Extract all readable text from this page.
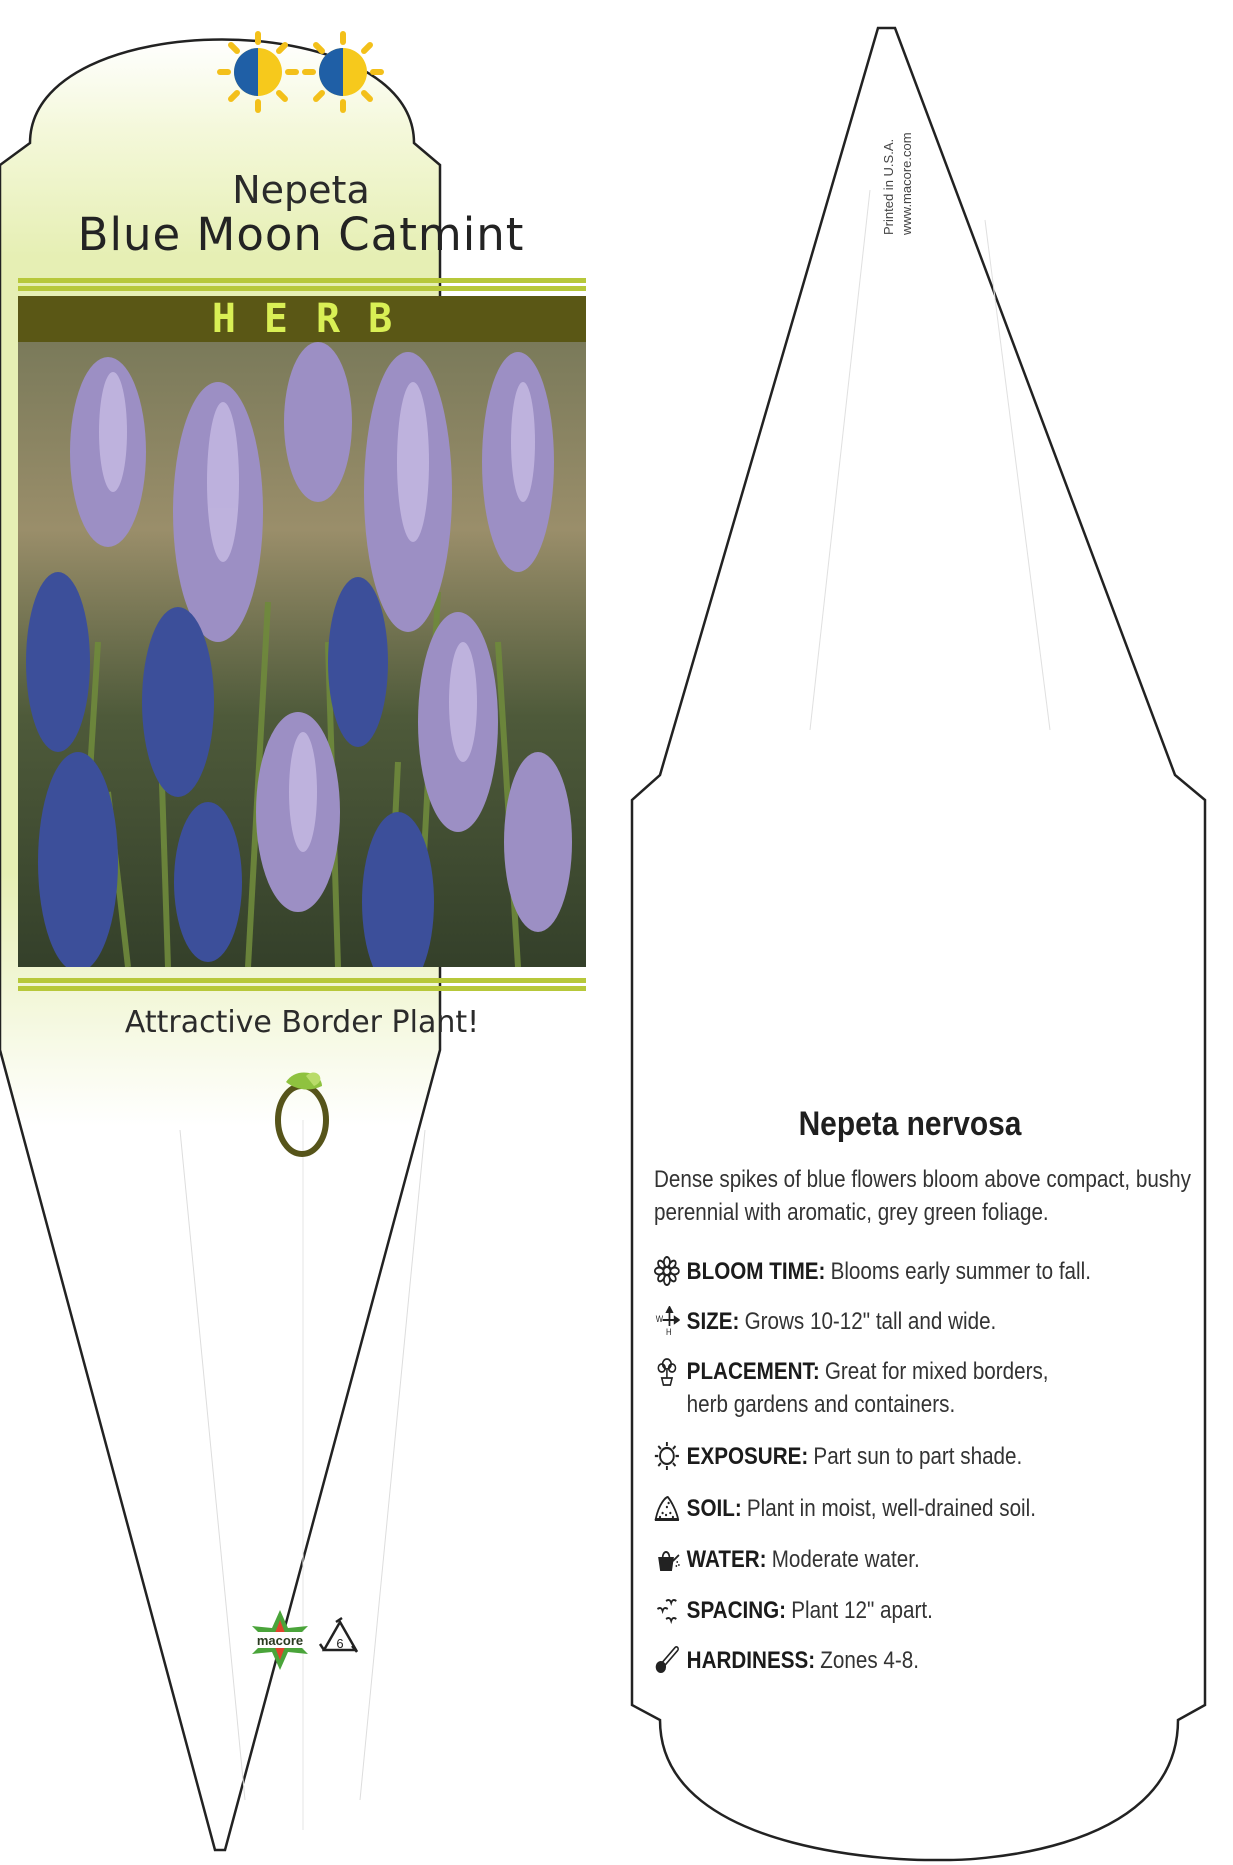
macore	6
Nepeta
Blue Moon Catmint
HERB
Attractive Border Plant!
Printed in U.S.A. www.macore.com
Nepeta nervosa
Dense spikes of blue flowers bloom above compact, bushy perennial with aromatic, grey green foliage.
BLOOM TIME: Blooms early summer to fall.
W
H SIZE: Grows 10-12" tall and wide.
PLACEMENT: Great for mixed borders, herb gardens and containers.
EXPOSURE: Part sun to part shade.
SOIL: Plant in moist, well-drained soil.
WATER: Moderate water.
SPACING: Plant 12" apart.
HARDINESS: Zones 4-8.
